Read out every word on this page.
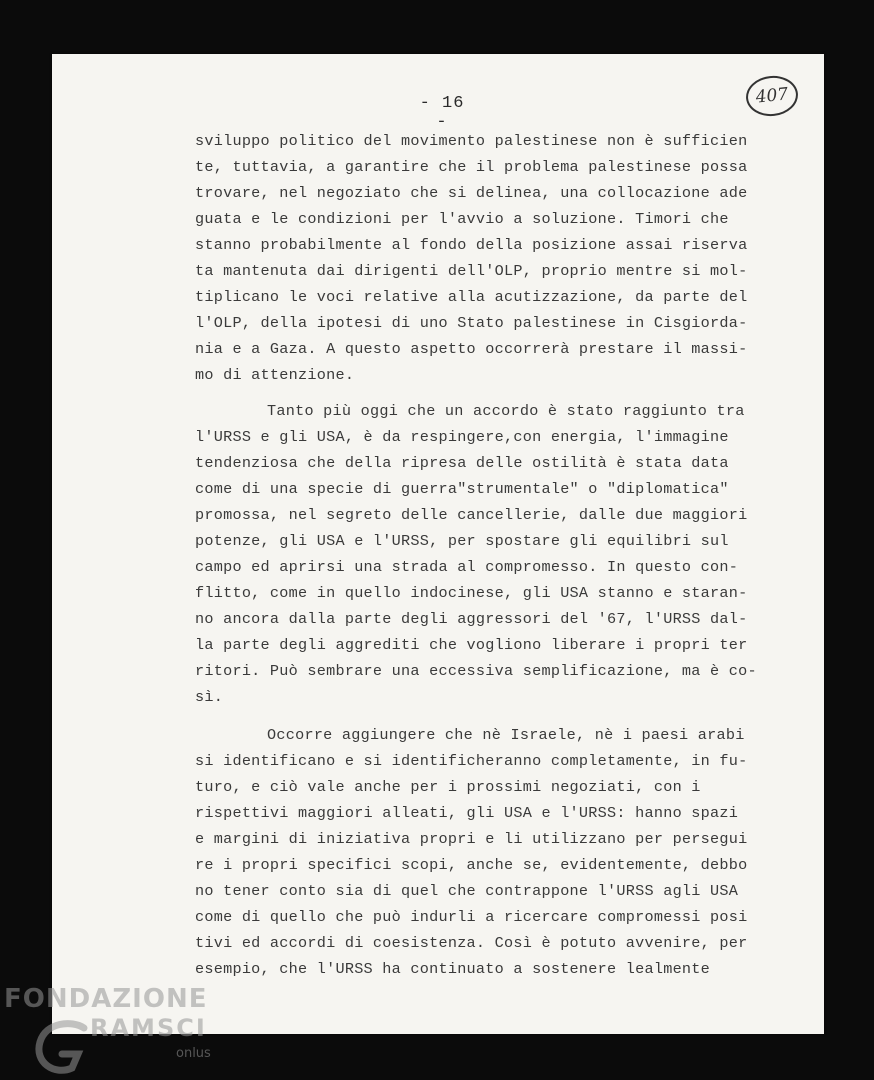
- 16 -
407
sviluppo politico del movimento palestinese non è sufficien
te, tuttavia, a garantire che il problema palestinese possa
trovare, nel negoziato che si delinea, una collocazione ade
guata e le condizioni per l'avvio a soluzione. Timori che
stanno probabilmente al fondo della posizione assai riserva
ta mantenuta dai dirigenti dell'OLP, proprio mentre si mol-
tiplicano le voci relative alla acutizzazione, da parte del
l'OLP, della ipotesi di uno Stato palestinese in Cisgiorda-
nia e a Gaza. A questo aspetto occorrerà prestare il massi-
mo di attenzione.
Tanto più oggi che un accordo è stato raggiunto tra
l'URSS e gli USA, è da respingere,con energia, l'immagine
tendenziosa che della ripresa delle ostilità è stata data
come di una specie di guerra"strumentale" o "diplomatica"
promossa, nel segreto delle cancellerie, dalle due maggiori
potenze, gli USA e l'URSS, per spostare gli equilibri sul
campo ed aprirsi una strada al compromesso. In questo con-
flitto, come in quello indocinese, gli USA stanno e staran-
no ancora dalla parte degli aggressori del '67, l'URSS dal-
la parte degli aggrediti che vogliono liberare i propri ter
ritori. Può sembrare una eccessiva semplificazione, ma è co-
sì.
Occorre aggiungere che nè Israele, nè i paesi arabi
si identificano e si identificheranno completamente, in fu-
turo, e ciò vale anche per i prossimi negoziati, con i
rispettivi maggiori alleati, gli USA e l'URSS: hanno spazi
e margini di iniziativa propri e li utilizzano per persegui
re i propri specifici scopi, anche se, evidentemente, debbo
no tener conto sia di quel che contrappone l'URSS agli USA
come di quello che può indurli a ricercare compromessi posi
tivi ed accordi di coesistenza. Così è potuto avvenire, per
esempio, che l'URSS ha continuato a sostenere lealmente
FONDAZIONE
RAMSCI
onlus
